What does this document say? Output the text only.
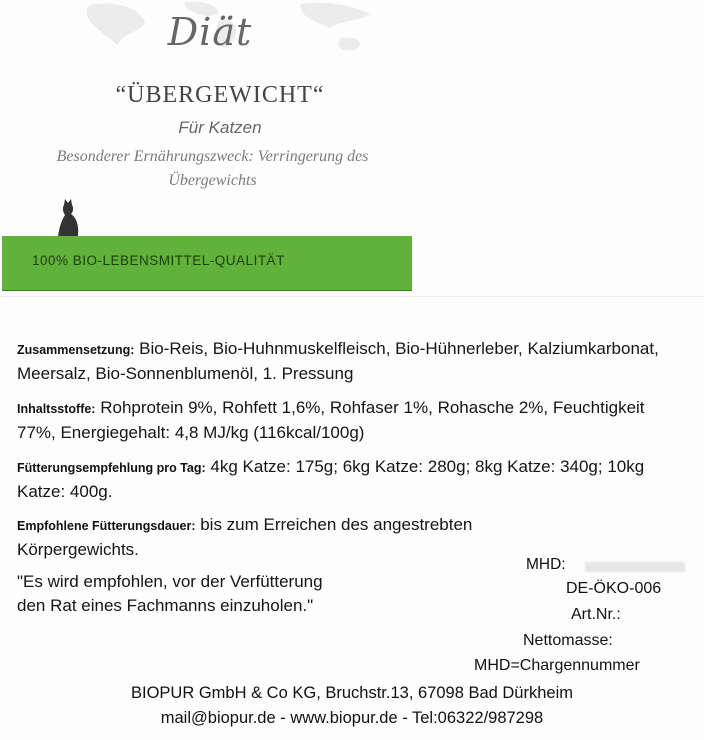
Diät
“ÜBERGEWICHT“
Für Katzen
Besonderer Ernährungszweck: Verringerung des Übergewichts
100% BIO-LEBENSMITTEL-QUALITÄT
Zusammensetzung: Bio-Reis, Bio-Huhnmuskelfleisch, Bio-Hühnerleber, Kalziumkarbonat, Meersalz, Bio-Sonnenblumenöl, 1. Pressung
Inhaltsstoffe: Rohprotein 9%, Rohfett 1,6%, Rohfaser 1%, Rohasche 2%, Feuchtigkeit 77%, Energiegehalt: 4,8 MJ/kg (116kcal/100g)
Fütterungsempfehlung pro Tag: 4kg Katze: 175g; 6kg Katze: 280g; 8kg Katze: 340g; 10kg Katze: 400g.
Empfohlene Fütterungsdauer: bis zum Erreichen des angestrebten Körpergewichts.
"Es wird empfohlen, vor der Verfütterung
den Rat eines Fachmanns einzuholen."
MHD:
DE-ÖKO-006
Art.Nr.:
Nettomasse:
MHD=Chargennummer
BIOPUR GmbH & Co KG, Bruchstr.13, 67098 Bad Dürkheim
mail@biopur.de - www.biopur.de - Tel:06322/987298
